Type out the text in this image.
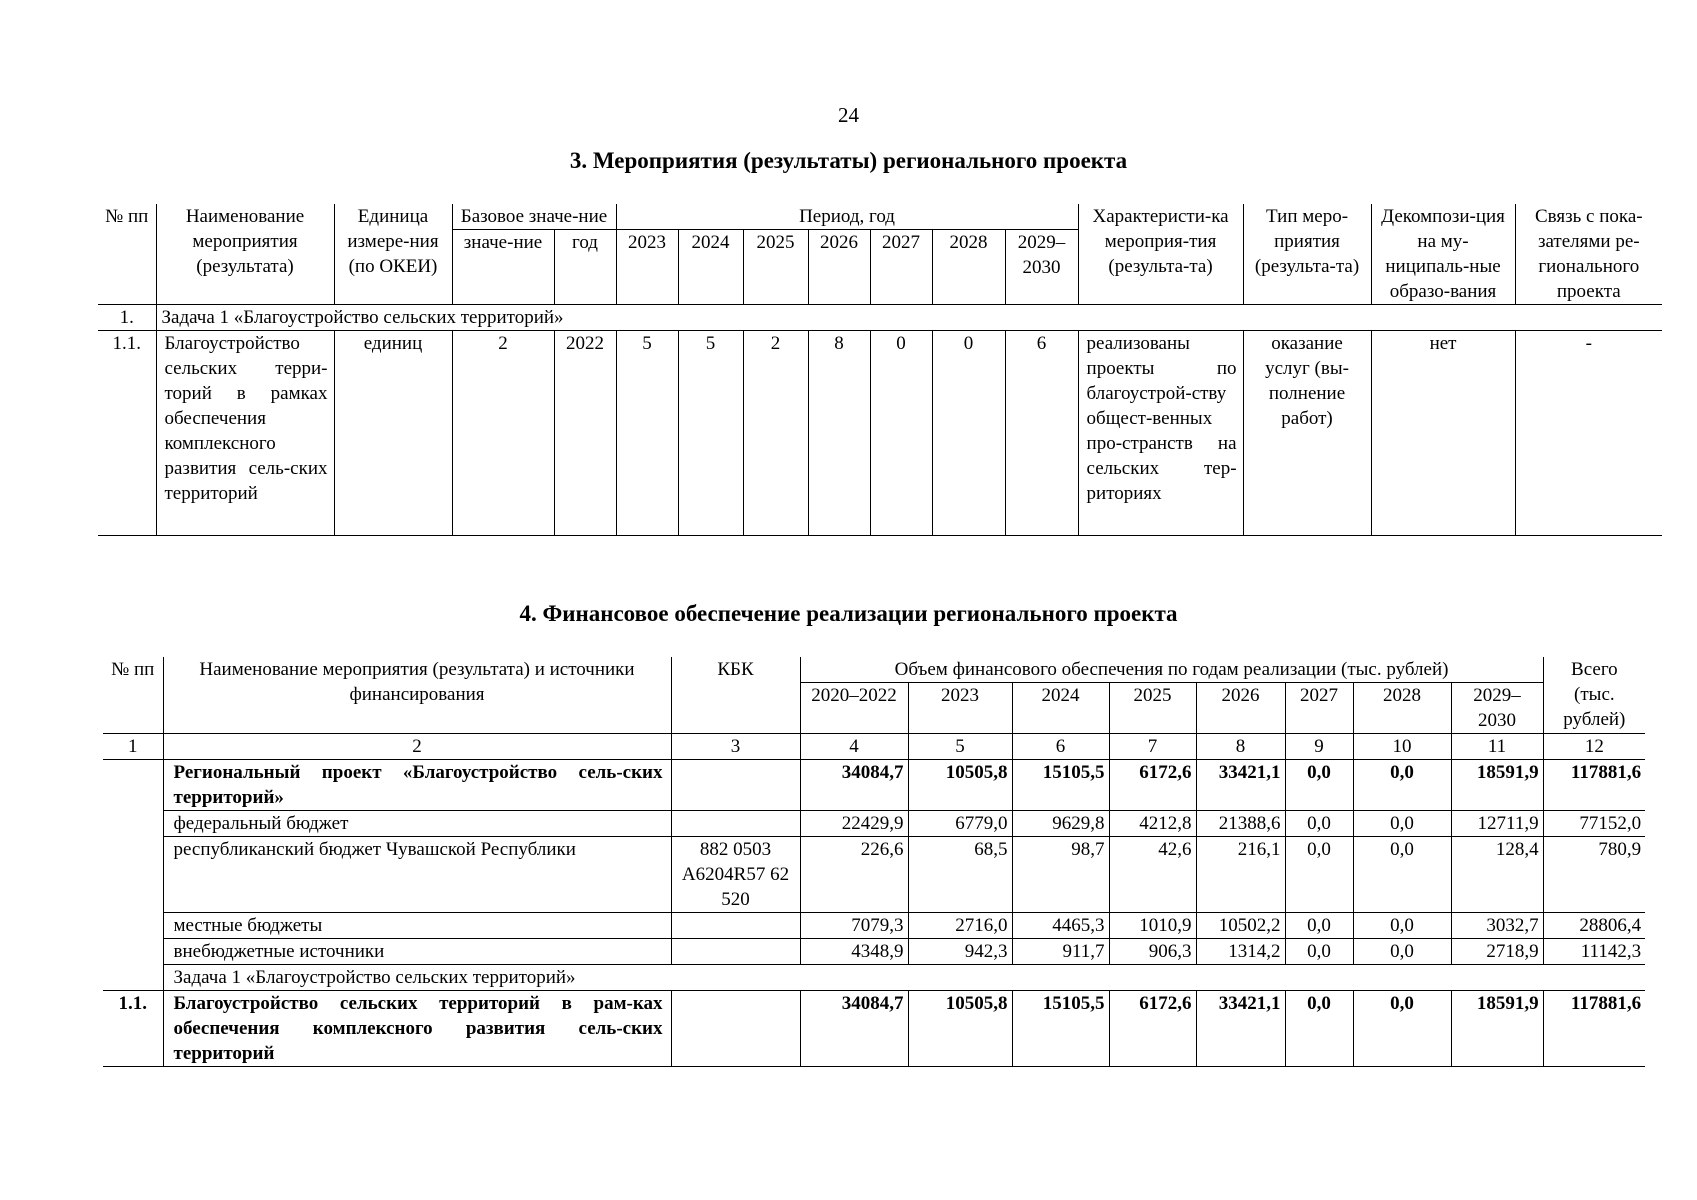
24
3. Мероприятия (результаты) регионального проекта
№ пп	Наименование мероприятия (результата)	Единица измере-ния (по ОКЕИ)	Базовое значе-ние		Период, год							Характеристи-ка мероприя-тия (результа-та)	Тип меро-приятия (результа-та)	Декомпози-ция на му-ниципаль-ные образо-вания	Связь с пока-зателями ре-гионального проекта
			значе-ние	год	2023	2024	2025	2026	2027	2028	2029–2030				

1.	Задача 1 «Благоустройство сельских территорий»														
1.1.	Благоустройство сельских терри-торий в рамках обеспечения комплексного развития сель-ских территорий	единиц	2	2022	5	5	2	8	0	0	6	реализованы проекты по благоустрой-ству общест-венных про-странств на сельских тер-риториях	оказание услуг (вы-полнение работ)	нет	-
4. Финансовое обеспечение реализации регионального проекта
№ пп	Наименование мероприятия (результата) и источники финансирования	КБК	Объем финансового обеспечения по годам реализации (тыс. рублей)								Всего (тыс. рублей)
			2020–2022	2023	2024	2025	2026	2027	2028	2029–2030	
1	2	3	4	5	6	7	8	9	10	11	12
	Региональный проект «Благоустройство сель-ских территорий»		34084,7	10505,8	15105,5	6172,6	33421,1	0,0	0,0	18591,9	117881,6
	федеральный бюджет		22429,9	6779,0	9629,8	4212,8	21388,6	0,0	0,0	12711,9	77152,0
	республиканский бюджет Чувашской Республики	882 0503 A6204R57 62 520	226,6	68,5	98,7	42,6	216,1	0,0	0,0	128,4	780,9
	местные бюджеты		7079,3	2716,0	4465,3	1010,9	10502,2	0,0	0,0	3032,7	28806,4
	внебюджетные источники		4348,9	942,3	911,7	906,3	1314,2	0,0	0,0	2718,9	11142,3
	Задача 1 «Благоустройство сельских территорий»										
1.1.	Благоустройство сельских территорий в рам-ках обеспечения комплексного развития сель-ских территорий		34084,7	10505,8	15105,5	6172,6	33421,1	0,0	0,0	18591,9	117881,6
